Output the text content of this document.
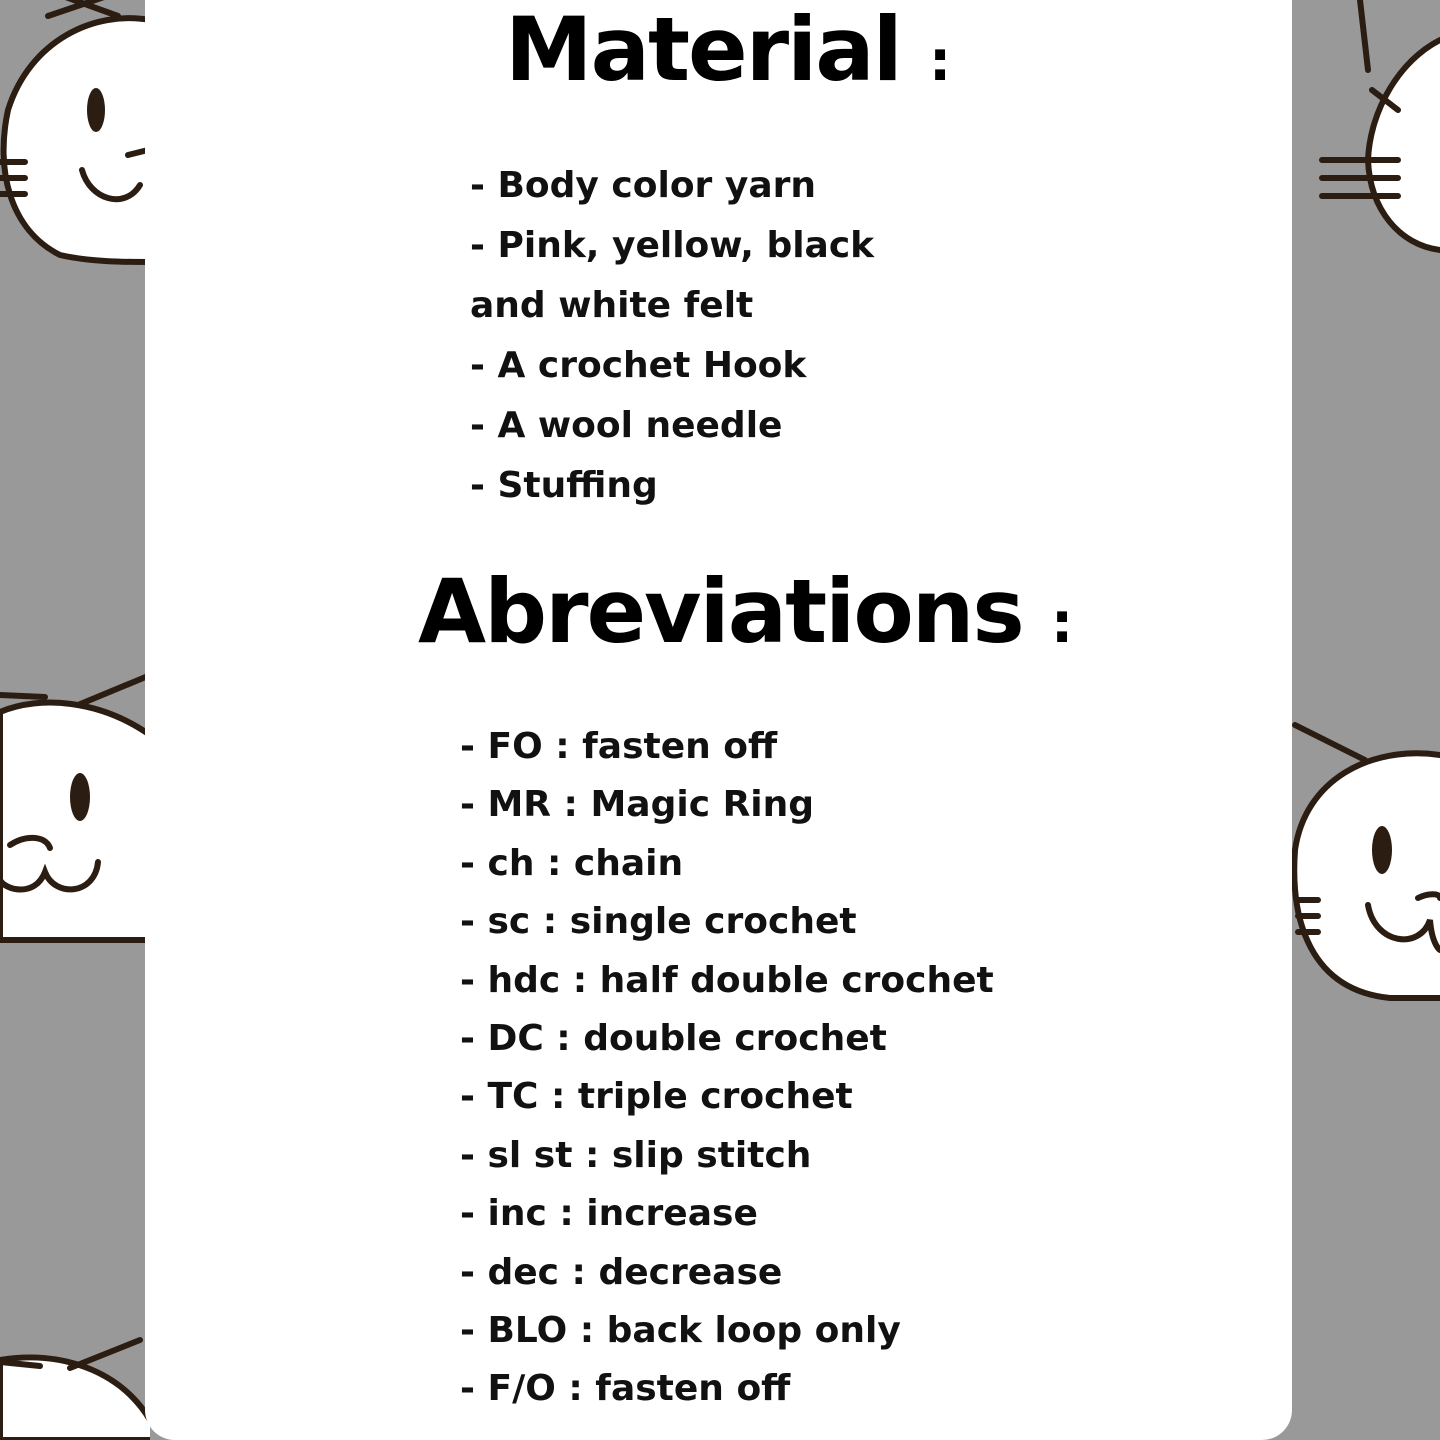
Material :
- Body color yarn
- Pink, yellow, black
and white felt
- A crochet Hook
- A wool needle
- Stuffing
Abreviations :
- FO : fasten off
- MR : Magic Ring
- ch : chain
- sc : single crochet
- hdc : half double crochet
- DC : double crochet
- TC : triple crochet
- sl st : slip stitch
- inc : increase
- dec : decrease
- BLO : back loop only
- F/O : fasten off
